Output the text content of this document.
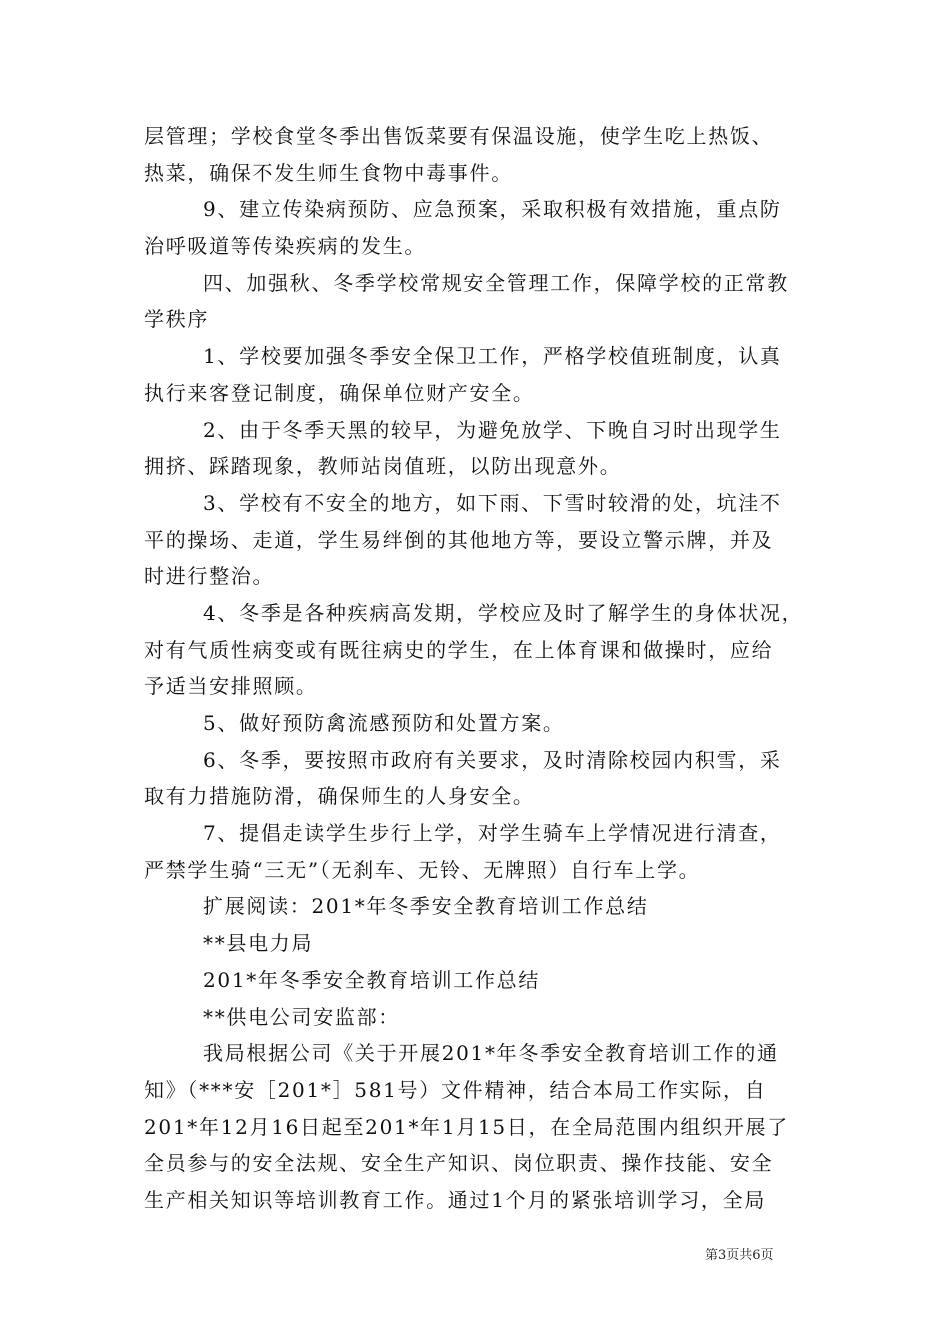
层管理；学校食堂冬季出售饭菜要有保温设施，使学生吃上热饭、
热菜，确保不发生师生食物中毒事件。
9、建立传染病预防、应急预案，采取积极有效措施，重点防
治呼吸道等传染疾病的发生。
四、加强秋、冬季学校常规安全管理工作，保障学校的正常教
学秩序
1、学校要加强冬季安全保卫工作，严格学校值班制度，认真
执行来客登记制度，确保单位财产安全。
2、由于冬季天黑的较早，为避免放学、下晚自习时出现学生
拥挤、踩踏现象，教师站岗值班，以防出现意外。
3、学校有不安全的地方，如下雨、下雪时较滑的处，坑洼不
平的操场、走道，学生易绊倒的其他地方等，要设立警示牌，并及
时进行整治。
4、冬季是各种疾病高发期，学校应及时了解学生的身体状况，
对有气质性病变或有既往病史的学生，在上体育课和做操时，应给
予适当安排照顾。
5、做好预防禽流感预防和处置方案。
6、冬季，要按照市政府有关要求，及时清除校园内积雪，采
取有力措施防滑，确保师生的人身安全。
7、提倡走读学生步行上学，对学生骑车上学情况进行清查，
严禁学生骑“三无”（无刹车、无铃、无牌照）自行车上学。
扩展阅读：201*年冬季安全教育培训工作总结
**县电力局
201*年冬季安全教育培训工作总结
**供电公司安监部：
我局根据公司《关于开展201*年冬季安全教育培训工作的通
知》（***安［201*］581号）文件精神，结合本局工作实际，自
201*年12月16日起至201*年1月15日，在全局范围内组织开展了
全员参与的安全法规、安全生产知识、岗位职责、操作技能、安全
生产相关知识等培训教育工作。通过1个月的紧张培训学习，全局
第3页共6页
